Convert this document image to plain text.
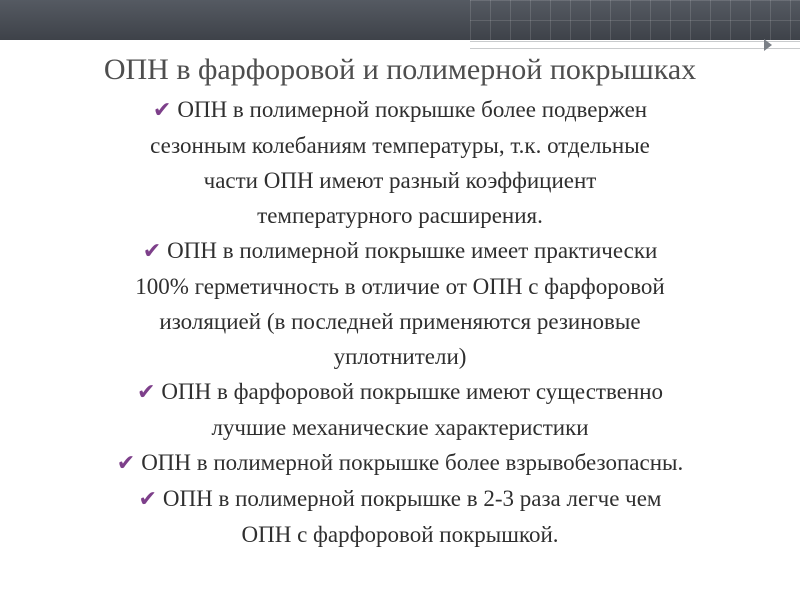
ОПН в фарфоровой и полимерной покрышках
✔ ОПН в полимерной покрышке более подвержен
сезонным колебаниям температуры, т.к. отдельные
части ОПН имеют разный коэффициент
температурного расширения.
✔ ОПН в полимерной покрышке имеет практически
100% герметичность в отличие от ОПН с фарфоровой
изоляцией (в последней применяются резиновые
уплотнители)
✔ ОПН в фарфоровой покрышке имеют существенно
лучшие механические характеристики
✔ ОПН в полимерной покрышке более взрывобезопасны.
✔ ОПН в полимерной покрышке в 2-3 раза легче чем
ОПН с фарфоровой покрышкой.
